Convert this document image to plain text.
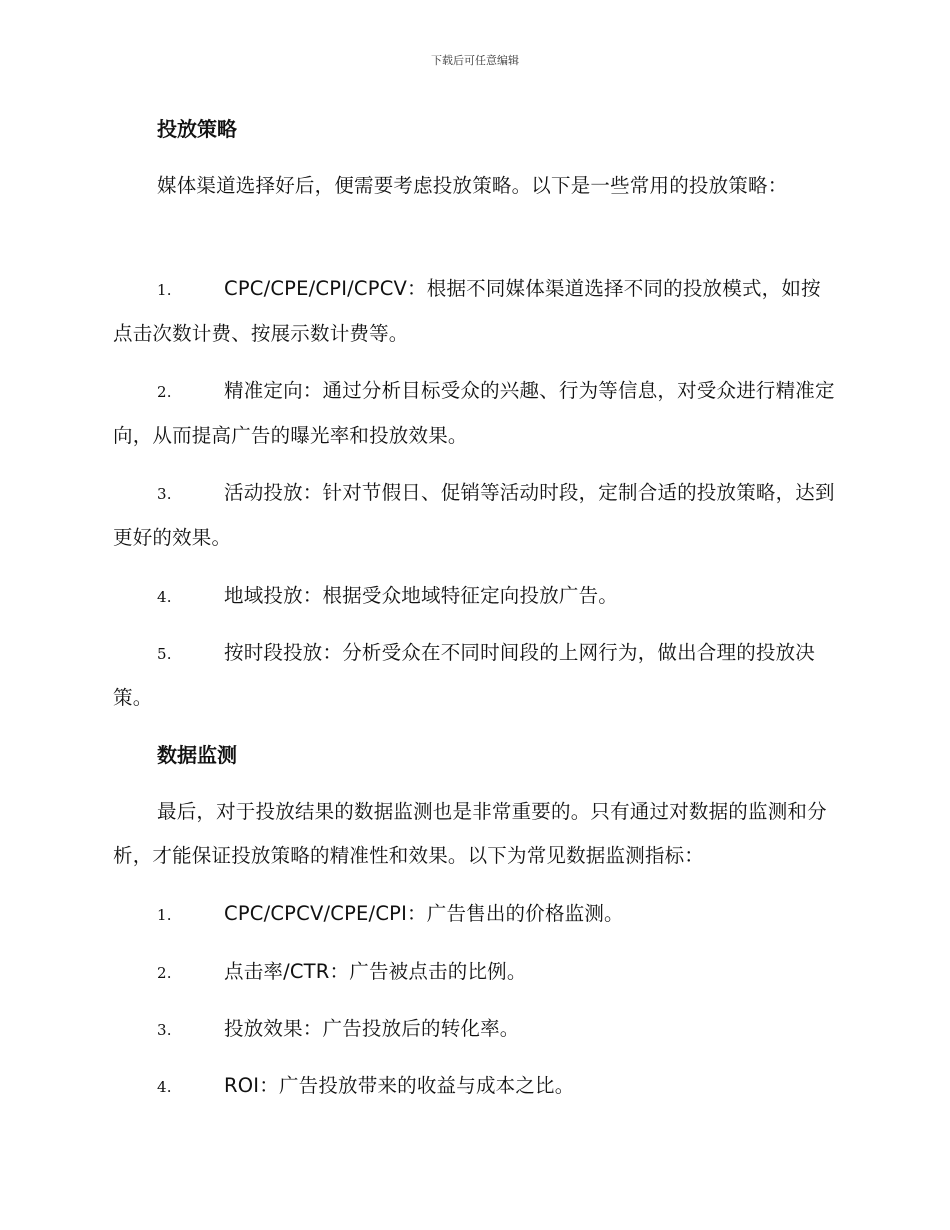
下载后可任意编辑
投放策略
媒体渠道选择好后，便需要考虑投放策略。以下是一些常用的投放策略：
1.	CPC/CPE/CPI/CPCV：根据不同媒体渠道选择不同的投放模式，如按点击次数计费、按展示数计费等。
2.	精准定向：通过分析目标受众的兴趣、行为等信息，对受众进行精准定向，从而提高广告的曝光率和投放效果。
3.	活动投放：针对节假日、促销等活动时段，定制合适的投放策略，达到更好的效果。
4.	地域投放：根据受众地域特征定向投放广告。
5.	按时段投放：分析受众在不同时间段的上网行为，做出合理的投放决策。
数据监测
最后，对于投放结果的数据监测也是非常重要的。只有通过对数据的监测和分析，才能保证投放策略的精准性和效果。以下为常见数据监测指标：
1.	CPC/CPCV/CPE/CPI：广告售出的价格监测。
2.	点击率/CTR：广告被点击的比例。
3.	投放效果：广告投放后的转化率。
4.	ROI：广告投放带来的收益与成本之比。
